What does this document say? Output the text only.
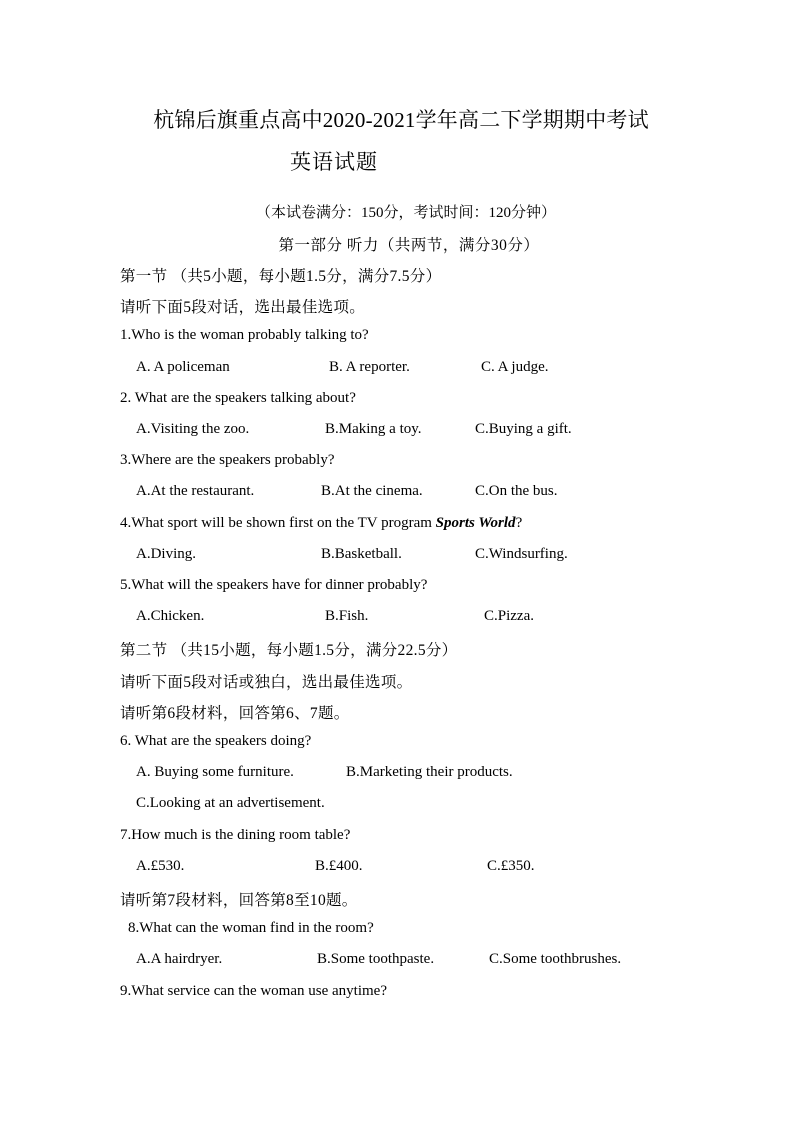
杭锦后旗重点高中2020-2021学年高二下学期期中考试
英语试题
（本试卷满分：150分，考试时间：120分钟）
第一部分 听力（共两节，满分30分）
第一节 （共5小题，每小题1.5分，满分7.5分）
请听下面5段对话，选出最佳选项。
1.Who is the woman probably talking to?
A. A policeman	B. A reporter.	C. A judge.
2. What are the speakers talking about?
A.Visiting the zoo.	B.Making a toy.	C.Buying a gift.
3.Where are the speakers probably?
A.At the restaurant.	B.At the cinema.	C.On the bus.
4.What sport will be shown first on the TV program Sports World?
A.Diving.	B.Basketball.	C.Windsurfing.
5.What will the speakers have for dinner probably?
A.Chicken.	B.Fish.	C.Pizza.
第二节 （共15小题，每小题1.5分，满分22.5分）
请听下面5段对话或独白，选出最佳选项。
请听第6段材料，回答第6、7题。
6. What are the speakers doing?
A. Buying some furniture.	B.Marketing their products.
C.Looking at an advertisement.
7.How much is the dining room table?
A.£530.	B.£400.	C.£350.
请听第7段材料，回答第8至10题。
8.What can the woman find in the room?
A.A hairdryer.	B.Some toothpaste.	C.Some toothbrushes.
9.What service can the woman use anytime?
